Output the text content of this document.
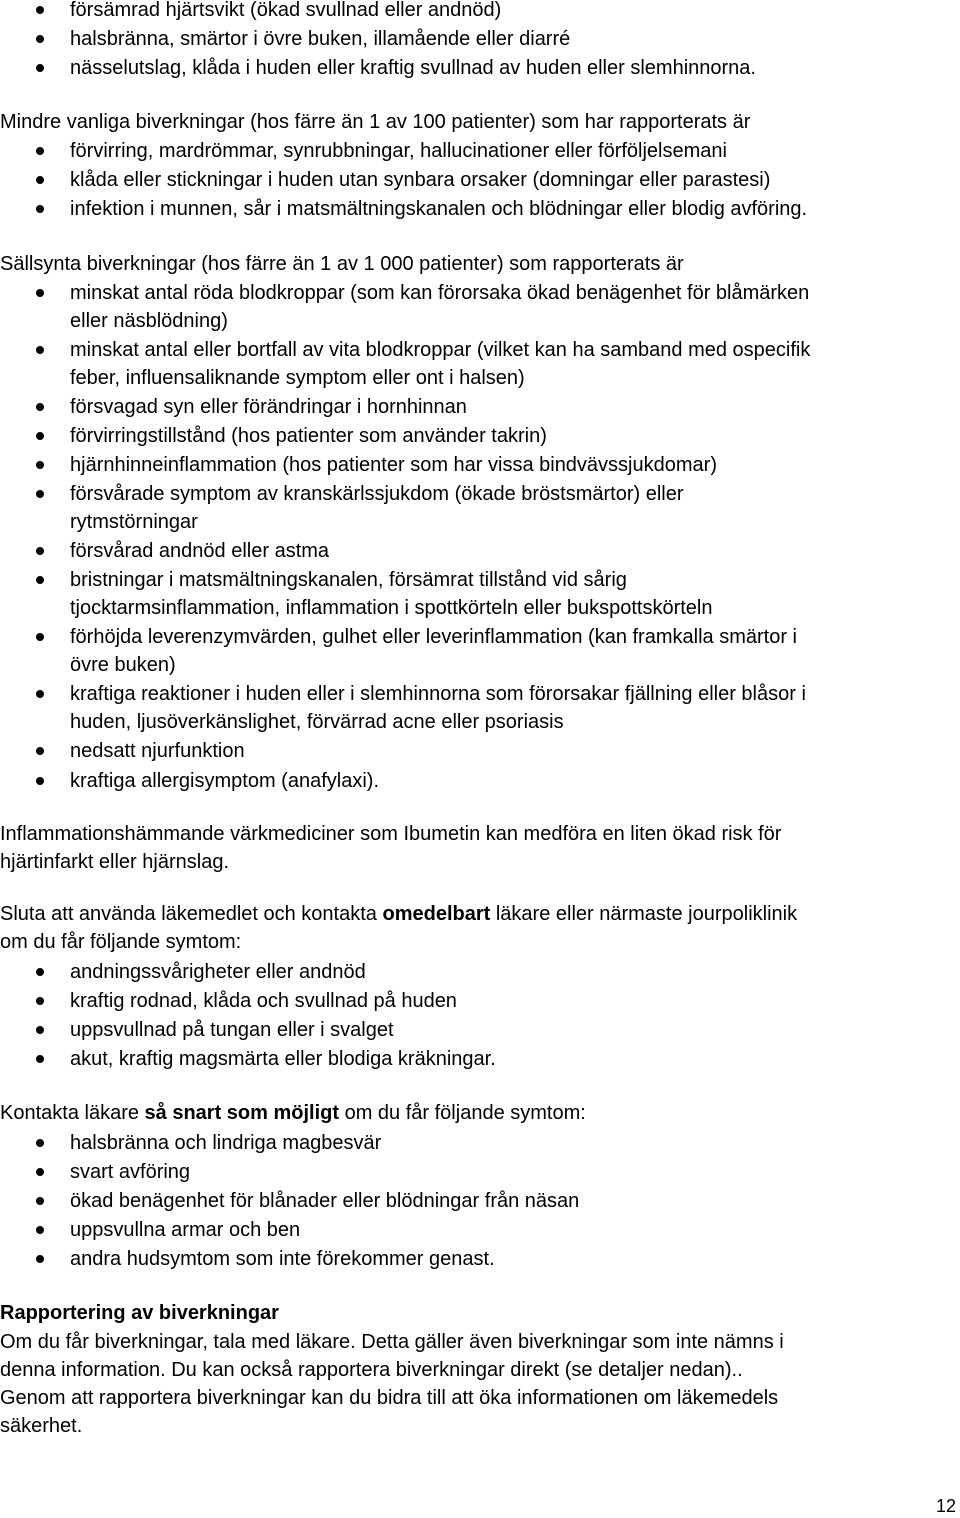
försämrad hjärtsvikt (ökad svullnad eller andnöd)
halsbränna, smärtor i övre buken, illamående eller diarré
nässelutslag, klåda i huden eller kraftig svullnad av huden eller slemhinnorna.
Mindre vanliga biverkningar (hos färre än 1 av 100 patienter) som har rapporterats är
förvirring, mardrömmar, synrubbningar, hallucinationer eller förföljelsemani
klåda eller stickningar i huden utan synbara orsaker (domningar eller parastesi)
infektion i munnen, sår i matsmältningskanalen och blödningar eller blodig avföring.
Sällsynta biverkningar (hos färre än 1 av 1 000 patienter) som rapporterats är
minskat antal röda blodkroppar (som kan förorsaka ökad benägenhet för blåmärken
eller näsblödning)
minskat antal eller bortfall av vita blodkroppar (vilket kan ha samband med ospecifik
feber, influensaliknande symptom eller ont i halsen)
försvagad syn eller förändringar i hornhinnan
förvirringstillstånd (hos patienter som använder takrin)
hjärnhinneinflammation (hos patienter som har vissa bindvävssjukdomar)
försvårade symptom av kranskärlssjukdom (ökade bröstsmärtor) eller
rytmstörningar
försvårad andnöd eller astma
bristningar i matsmältningskanalen, försämrat tillstånd vid sårig
tjocktarmsinflammation, inflammation i spottkörteln eller bukspottskörteln
förhöjda leverenzymvärden, gulhet eller leverinflammation (kan framkalla smärtor i
övre buken)
kraftiga reaktioner i huden eller i slemhinnorna som förorsakar fjällning eller blåsor i
huden, ljusöverkänslighet, förvärrad acne eller psoriasis
nedsatt njurfunktion
kraftiga allergisymptom (anafylaxi).
Inflammationshämmande värkmediciner som Ibumetin kan medföra en liten ökad risk för
hjärtinfarkt eller hjärnslag.
Sluta att använda läkemedlet och kontakta omedelbart läkare eller närmaste jourpoliklinik
om du får följande symtom:
andningssvårigheter eller andnöd
kraftig rodnad, klåda och svullnad på huden
uppsvullnad på tungan eller i svalget
akut, kraftig magsmärta eller blodiga kräkningar.
Kontakta läkare så snart som möjligt om du får följande symtom:
halsbränna och lindriga magbesvär
svart avföring
ökad benägenhet för blånader eller blödningar från näsan
uppsvullna armar och ben
andra hudsymtom som inte förekommer genast.
Rapportering av biverkningar
Om du får biverkningar, tala med läkare. Detta gäller även biverkningar som inte nämns i
denna information. Du kan också rapportera biverkningar direkt (se detaljer nedan)..
Genom att rapportera biverkningar kan du bidra till att öka informationen om läkemedels
säkerhet.
12
